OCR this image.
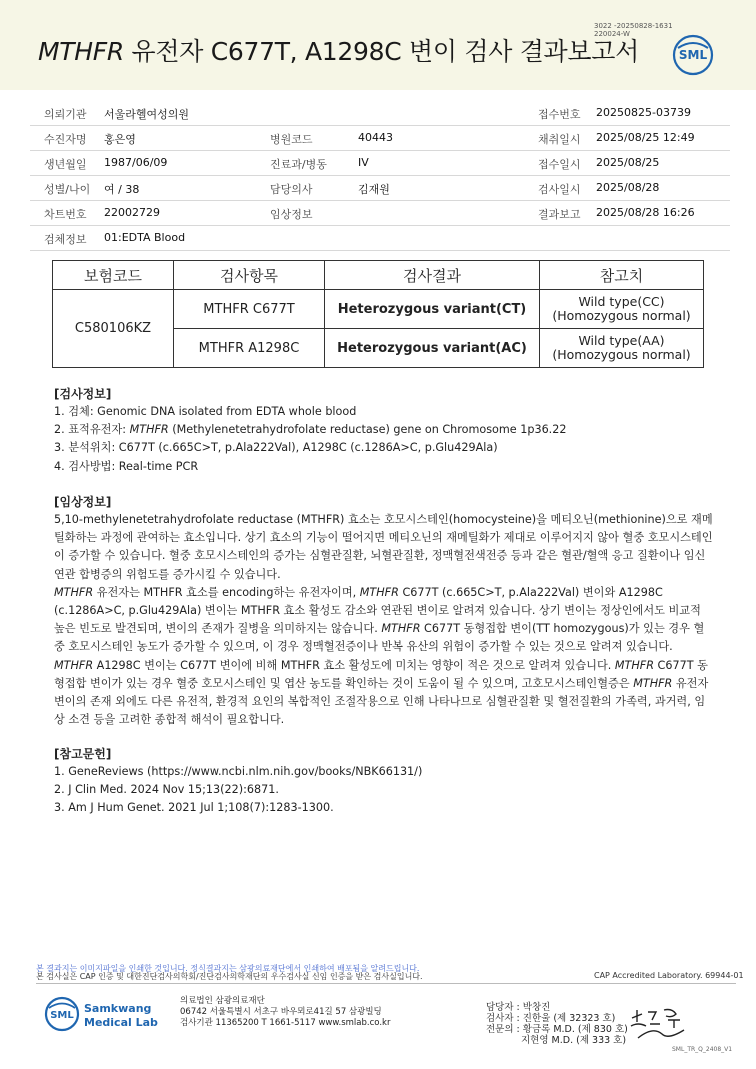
MTHFR 유전자 C677T, A1298C 변이 검사 결과보고서
3022 -20250828-1631
220024-W
SML
의뢰기관 서울라헬여성의원	접수번호 20250825-03739
수진자명 홍은영	병원코드	40443	채취일시 2025/08/25 12:49
생년월일 1987/06/09	진료과/병동	IV	접수일시 2025/08/25
성별/나이 여 / 38	담당의사	김재원	검사일시 2025/08/28
차트번호 22002729	임상정보	결과보고 2025/08/28 16:26
검체정보 01:EDTA Blood
보험코드	검사항목	검사결과	참고치
C580106KZ	MTHFR C677T	Heterozygous variant(CT)	Wild type(CC)
(Homozygous normal)

	MTHFR A1298C	Heterozygous variant(AC)	Wild type(AA)
(Homozygous normal)
[검사정보]

1. 검체: Genomic DNA isolated from EDTA whole blood

2. 표적유전자: MTHFR (Methylenetetrahydrofolate reductase) gene on Chromosome 1p36.22

3. 분석위치: C677T (c.665C>T, p.Ala222Val), A1298C (c.1286A>C, p.Glu429Ala)

4. 검사방법: Real-time PCR

[임상정보]

5,10-methylenetetrahydrofolate reductase (MTHFR) 효소는 호모시스테인(homocysteine)을 메티오닌(methionine)으로 재메틸화하는 과정에 관여하는 효소입니다. 상기 효소의 기능이 떨어지면 메티오닌의 재메틸화가 제대로 이루어지지 않아 혈중 호모시스테인이 증가할 수 있습니다. 혈중 호모시스테인의 증가는 심혈관질환, 뇌혈관질환, 정맥혈전색전증 등과 같은 혈관/혈액 응고 질환이나 임신 연관 합병증의 위험도를 증가시킬 수 있습니다.

MTHFR 유전자는 MTHFR 효소를 encoding하는 유전자이며, MTHFR C677T (c.665C>T, p.Ala222Val) 변이와 A1298C (c.1286A>C, p.Glu429Ala) 변이는 MTHFR 효소 활성도 감소와 연관된 변이로 알려져 있습니다. 상기 변이는 정상인에서도 비교적 높은 빈도로 발견되며, 변이의 존재가 질병을 의미하지는 않습니다. MTHFR C677T 동형접합 변이(TT homozygous)가 있는 경우 혈중 호모시스테인 농도가 증가할 수 있으며, 이 경우 정맥혈전증이나 반복 유산의 위험이 증가할 수 있는 것으로 알려져 있습니다. MTHFR A1298C 변이는 C677T 변이에 비해 MTHFR 효소 활성도에 미치는 영향이 적은 것으로 알려져 있습니다. MTHFR C677T 동형접합 변이가 있는 경우 혈중 호모시스테인 및 엽산 농도를 확인하는 것이 도움이 될 수 있으며, 고호모시스테인혈증은 MTHFR 유전자 변이의 존재 외에도 다른 유전적, 환경적 요인의 복합적인 조절작용으로 인해 나타나므로 심혈관질환 및 혈전질환의 가족력, 과거력, 임상 소견 등을 고려한 종합적 해석이 필요합니다.

[참고문헌]

1. GeneReviews (https://www.ncbi.nlm.nih.gov/books/NBK66131/)

2. J Clin Med. 2024 Nov 15;13(22):6871.

3. Am J Hum Genet. 2021 Jul 1;108(7):1283-1300.

본 결과지는 이미지파일을 인쇄한 것입니다. 정식결과지는 삼광의료재단에서 인쇄하여 배포됨을 알려드립니다.
본 검사실은 CAP 인증 및 대한진단검사의학회/진단검사의학재단의 우수검사실 신임 인증을 받은 검사실입니다.	CAP Accredited Laboratory. 69944-01
SML
Samkwang
Medical Lab
의료법인 삼광의료재단
06742 서울특별시 서초구 바우뫼로41길 57 삼광빌딩
검사기관 11365200 T 1661-5117 www.smlab.co.kr
담당자 : 박창진
검사자 : 진한울 (제 32323 호)
전문의 : 황금록 M.D. (제 830 호)
지현영 M.D. (제 333 호)
SML_TR_Q_2408_V1
